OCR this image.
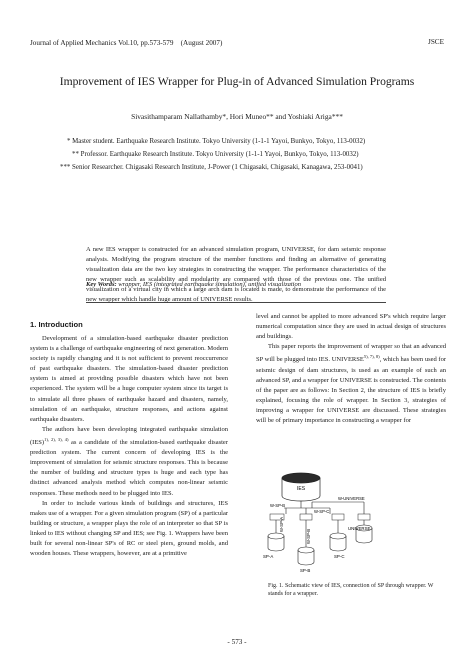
Journal of Applied Mechanics Vol.10, pp.573-579　(August 2007)	JSCE
Improvement of IES Wrapper for Plug-in of Advanced Simulation Programs
Sivasithamparam Nallathamby*, Hori Muneo** and Yoshiaki Ariga***
* Master student. Earthquake Research Institute. Tokyo University (1-1-1 Yayoi, Bunkyo, Tokyo, 113-0032)
** Professor. Earthquake Research Institute. Tokyo University (1-1-1 Yayoi, Bunkyo, Tokyo, 113-0032)
*** Senior Researcher. Chigasaki Research Institute, J-Power (1 Chigasaki, Chigasaki, Kanagawa, 253-0041)
A new IES wrapper is constructed for an advanced simulation program, UNIVERSE, for dam seismic response analysis. Modifying the program structure of the member functions and finding an alternative of generating visualization data are the two key strategies in constructing the wrapper. The performance characteristics of the new wrapper such as scalability and modularity are compared with those of the previous one. The unified visualization of a virtual city in which a large arch dam is located is made, to demonstrate the performance of the new wrapper which handle huge amount of UNIVERSE results.
Key Words: wrapper, IES (integrated earthquake simulation), unified visualization
1. Introduction

Development of a simulation-based earthquake disaster prediction system is a challenge of earthquake engineering of next generation. Modern society is rapidly changing and it is not sufficient to prevent reoccurrence of past earthquake disasters. The simulation-based disaster prediction system is aimed at providing possible disasters which have not been experienced. The system will be a huge computer system since its target is to simulate all three phases of earthquake hazard and disasters, namely, simulation of an earthquake, structure responses, and actions against earthquake disasters.

The authors have been developing integrated earthquake simulation (IES)$^{1), 2), 3), 4)}$ as a candidate of the simulation-based earthquake disaster prediction system. The current concern of developing IES is the improvement of simulation for seismic structure responses. This is because the number of building and structure types is huge and each type has distinct advanced analysis method which computes non-linear seismic responses. These methods need to be plugged into IES.

In order to include various kinds of buildings and structures, IES makes use of a wrapper. For a given simulation program (SP) of a particular building or structure, a wrapper plays the role of an interpreter so that SP is linked to IES without changing SP and IES; see Fig. 1. Wrappers have been built for several non-linear SP's of RC or steel piers, ground molds, and wooden houses. These wrappers, however, are at a primitive

level and cannot be applied to more advanced SP's which require larger numerical computation since they are used in actual design of structures and buildings.

This paper reports the improvement of wrapper so that an advanced SP will be plugged into IES. $UNIVERSE^{5), 7), 8)}$, which has been used for seismic design of dam structures, is used as an example of such an advanced SP, and a wrapper for UNIVERSE is constructed. The contents of the paper are as follows: In Section 2, the structure of IES is briefly explained, focusing the role of wrapper. In Section 3, strategies of improving a wrapper for UNIVERSE are discussed. These strategies will be of primary importance in constructing a wrapper for

IES
W-SP-B
W-UNIVERSE
W-SP-C
W-SP-A
W-SP-B
SP-A
SP-B
SP-C
UNIVERSE
Fig. 1. Schematic view of IES, connection of SP through wrapper. W stands for a wrapper.
- 573 -
